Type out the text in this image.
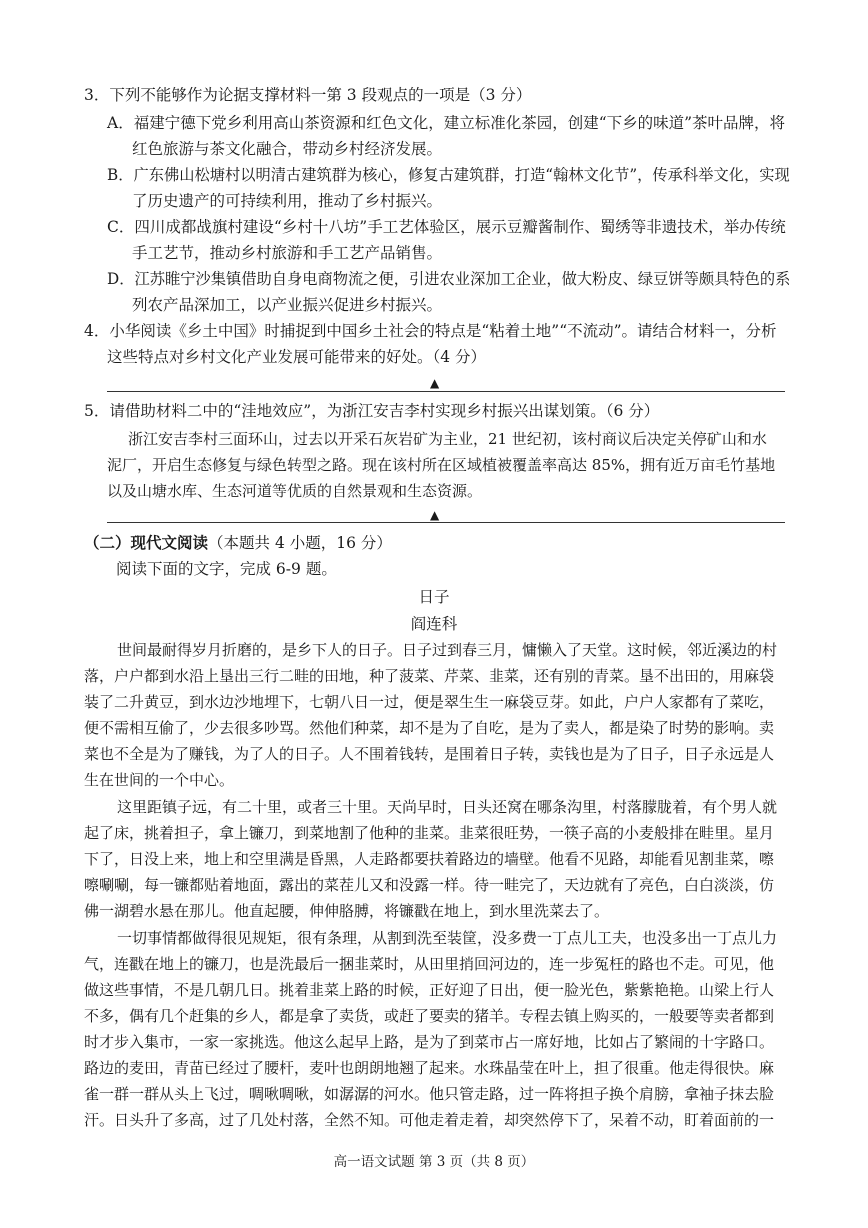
3．下列不能够作为论据支撑材料一第 3 段观点的一项是（3 分）
A．福建宁德下党乡利用高山茶资源和红色文化，建立标准化茶园，创建“下乡的味道”茶叶品牌，将
红色旅游与茶文化融合，带动乡村经济发展。
B．广东佛山松塘村以明清古建筑群为核心，修复古建筑群，打造“翰林文化节”，传承科举文化，实现
了历史遗产的可持续利用，推动了乡村振兴。
C．四川成都战旗村建设“乡村十八坊”手工艺体验区，展示豆瓣酱制作、蜀绣等非遗技术，举办传统
手工艺节，推动乡村旅游和手工艺产品销售。
D．江苏睢宁沙集镇借助自身电商物流之便，引进农业深加工企业，做大粉皮、绿豆饼等颇具特色的系
列农产品深加工，以产业振兴促进乡村振兴。
4．小华阅读《乡土中国》时捕捉到中国乡土社会的特点是“粘着土地”“不流动”。请结合材料一，分析
这些特点对乡村文化产业发展可能带来的好处。（4 分）
▲
5．请借助材料二中的“洼地效应”，为浙江安吉李村实现乡村振兴出谋划策。（6 分）
浙江安吉李村三面环山，过去以开采石灰岩矿为主业，21 世纪初，该村商议后决定关停矿山和水
泥厂，开启生态修复与绿色转型之路。现在该村所在区域植被覆盖率高达 85%，拥有近万亩毛竹基地
以及山塘水库、生态河道等优质的自然景观和生态资源。
▲
（二）现代文阅读（本题共 4 小题，16 分）
阅读下面的文字，完成 6-9 题。
日子
阎连科
世间最耐得岁月折磨的，是乡下人的日子。日子过到春三月，慵懒入了天堂。这时候，邻近溪边的村
落，户户都到水沿上垦出三行二畦的田地，种了菠菜、芹菜、韭菜，还有别的青菜。垦不出田的，用麻袋
装了二升黄豆，到水边沙地埋下，七朝八日一过，便是翠生生一麻袋豆芽。如此，户户人家都有了菜吃，
便不需相互偷了，少去很多吵骂。然他们种菜，却不是为了自吃，是为了卖人，都是染了时势的影响。卖
菜也不全是为了赚钱，为了人的日子。人不围着钱转，是围着日子转，卖钱也是为了日子，日子永远是人
生在世间的一个中心。
这里距镇子远，有二十里，或者三十里。天尚早时，日头还窝在哪条沟里，村落朦胧着，有个男人就
起了床，挑着担子，拿上镰刀，到菜地割了他种的韭菜。韭菜很旺势，一筷子高的小麦般排在畦里。星月
下了，日没上来，地上和空里满是昏黑，人走路都要扶着路边的墙壁。他看不见路，却能看见割韭菜，嚓
嚓唰唰，每一镰都贴着地面，露出的菜茬儿又和没露一样。待一畦完了，天边就有了亮色，白白淡淡，仿
佛一湖碧水悬在那儿。他直起腰，伸伸胳膊，将镰戳在地上，到水里洗菜去了。
一切事情都做得很见规矩，很有条理，从割到洗至装筐，没多费一丁点儿工夫，也没多出一丁点儿力
气，连戳在地上的镰刀，也是洗最后一捆韭菜时，从田里捎回河边的，连一步冤枉的路也不走。可见，他
做这些事情，不是几朝几日。挑着韭菜上路的时候，正好迎了日出，便一脸光色，紫紫艳艳。山梁上行人
不多，偶有几个赶集的乡人，都是拿了卖货，或赶了要卖的猪羊。专程去镇上购买的，一般要等卖者都到
时才步入集市，一家一家挑选。他这么起早上路，是为了到菜市占一席好地，比如占了繁闹的十字路口。
路边的麦田，青苗已经过了腰杆，麦叶也朗朗地翘了起来。水珠晶莹在叶上，担了很重。他走得很快。麻
雀一群一群从头上飞过，啁啾啁啾，如潺潺的河水。他只管走路，过一阵将担子换个肩膀，拿袖子抹去脸
汗。日头升了多高，过了几处村落，全然不知。可他走着走着，却突然停下了，呆着不动，盯着面前的一
高一语文试题 第 3 页（共 8 页）
